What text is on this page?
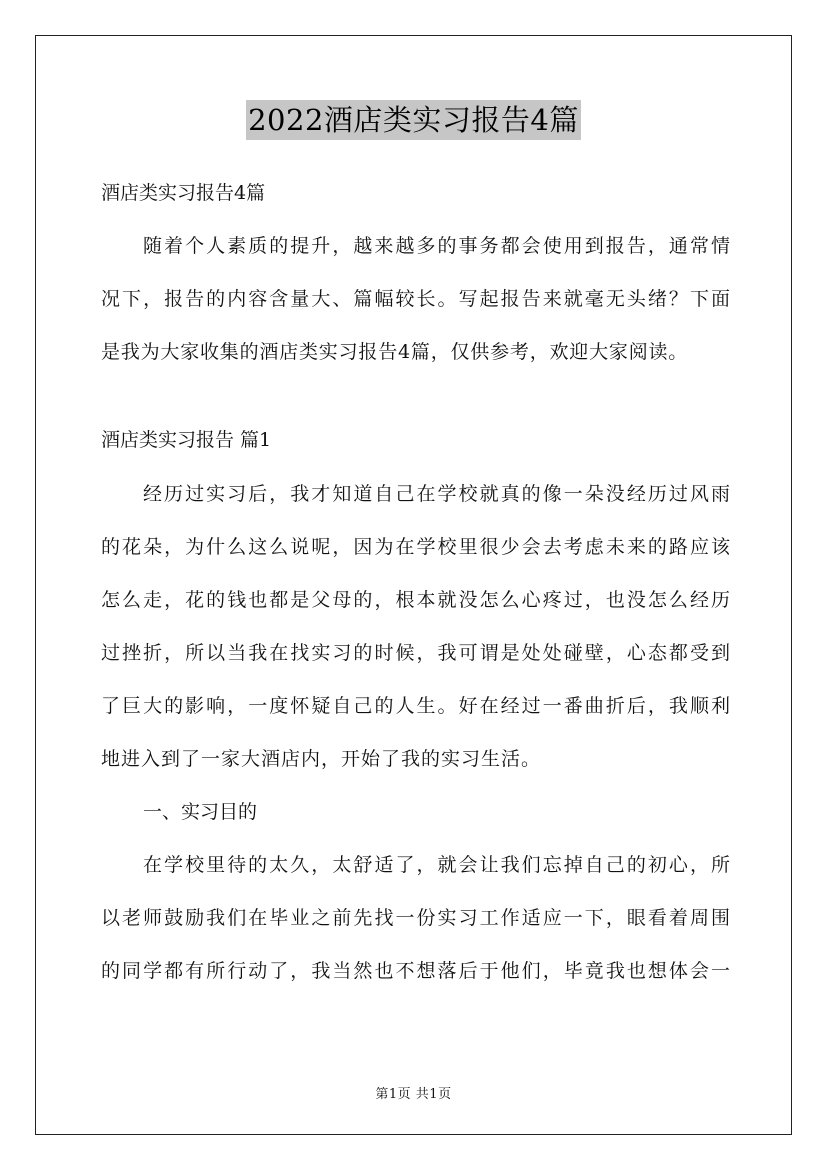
2022酒店类实习报告4篇
酒店类实习报告4篇
随着个人素质的提升，越来越多的事务都会使用到报告，通常情
况下，报告的内容含量大、篇幅较长。写起报告来就毫无头绪？下面
是我为大家收集的酒店类实习报告4篇，仅供参考，欢迎大家阅读。
酒店类实习报告 篇1
经历过实习后，我才知道自己在学校就真的像一朵没经历过风雨
的花朵，为什么这么说呢，因为在学校里很少会去考虑未来的路应该
怎么走，花的钱也都是父母的，根本就没怎么心疼过，也没怎么经历
过挫折，所以当我在找实习的时候，我可谓是处处碰壁，心态都受到
了巨大的影响，一度怀疑自己的人生。好在经过一番曲折后，我顺利
地进入到了一家大酒店内，开始了我的实习生活。
一、实习目的
在学校里待的太久，太舒适了，就会让我们忘掉自己的初心，所
以老师鼓励我们在毕业之前先找一份实习工作适应一下，眼看着周围
的同学都有所行动了，我当然也不想落后于他们，毕竟我也想体会一
第1页 共1页
